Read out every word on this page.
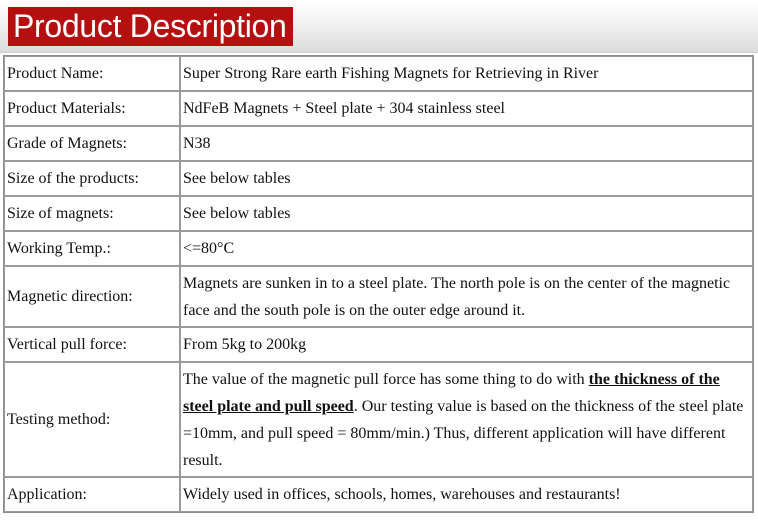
Product Description
Product Name:	Super Strong Rare earth Fishing Magnets for Retrieving in River
Product Materials:	NdFeB Magnets + Steel plate + 304 stainless steel
Grade of Magnets:	N38
Size of the products:	See below tables
Size of magnets:	See below tables
Working Temp.:	<=80°C
Magnetic direction:	Magnets are sunken in to a steel plate. The north pole is on the center of the magnetic face and the south pole is on the outer edge around it.
Vertical pull force:	From 5kg to 200kg
Testing method:	The value of the magnetic pull force has some thing to do with the thickness of the steel plate and pull speed. Our testing value is based on the thickness of the steel plate =10mm, and pull speed = 80mm/min.) Thus, different application will have different result.
Application:	Widely used in offices, schools, homes, warehouses and restaurants!
